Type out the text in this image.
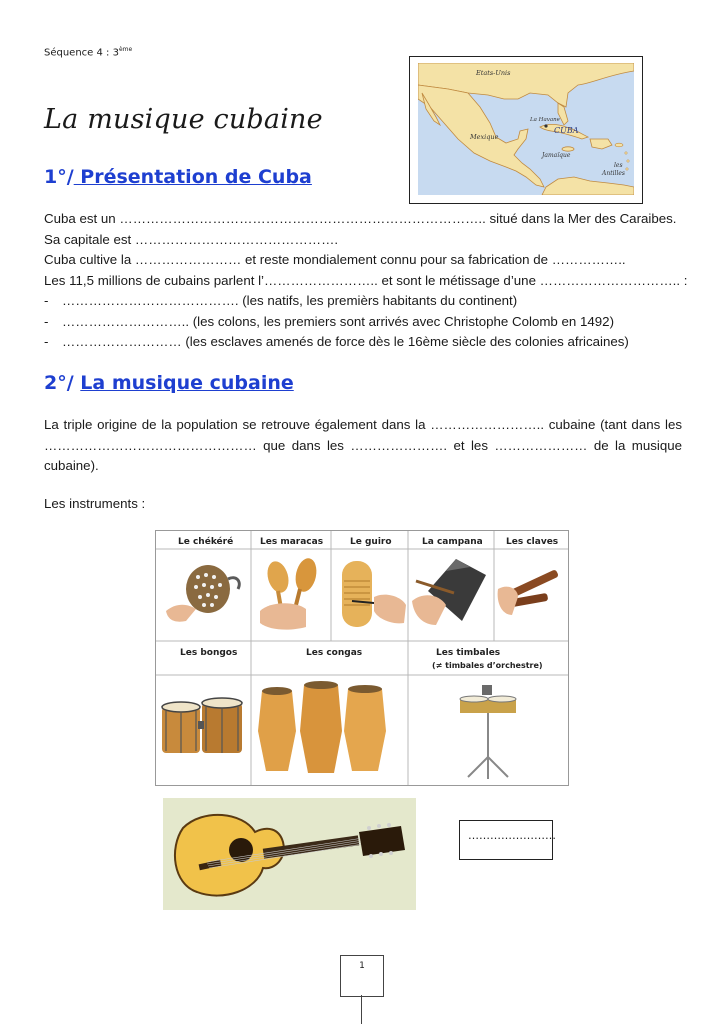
Séquence 4 : 3ème
La musique cubaine
Etats-Unis
La Havane
CUBA
Mexique
Jamaïque
les
Antilles
1°/ Présentation de Cuba
Cuba est un ……………………………………………………………………….. situé dans la Mer des Caraibes.
Sa capitale est ……………………………………….
Cuba cultive la …………………… et reste mondialement connu pour sa fabrication de ……………..
Les 11,5 millions de cubains parlent l’…………………….. et sont le métissage d’une ………………………….. :
- …………………………………. (les natifs, les premièrs habitants du continent)
- ……………………….. (les colons, les premiers sont arrivés avec Christophe Colomb en 1492)
- ……………………… (les esclaves amenés de force dès le 16ème siècle des colonies africaines)
2°/ La musique cubaine
La triple origine de la population se retrouve également dans la …………………….. cubaine (tant dans les ………………………………………… que dans les …………………. et les ………………… de la musique cubaine).
Les instruments :
Le chékéré	Les maracas	Le guiro	La campana	Les claves
Les bongos	Les congas	Les timbales
(≠ timbales d’orchestre)
……………………
1
